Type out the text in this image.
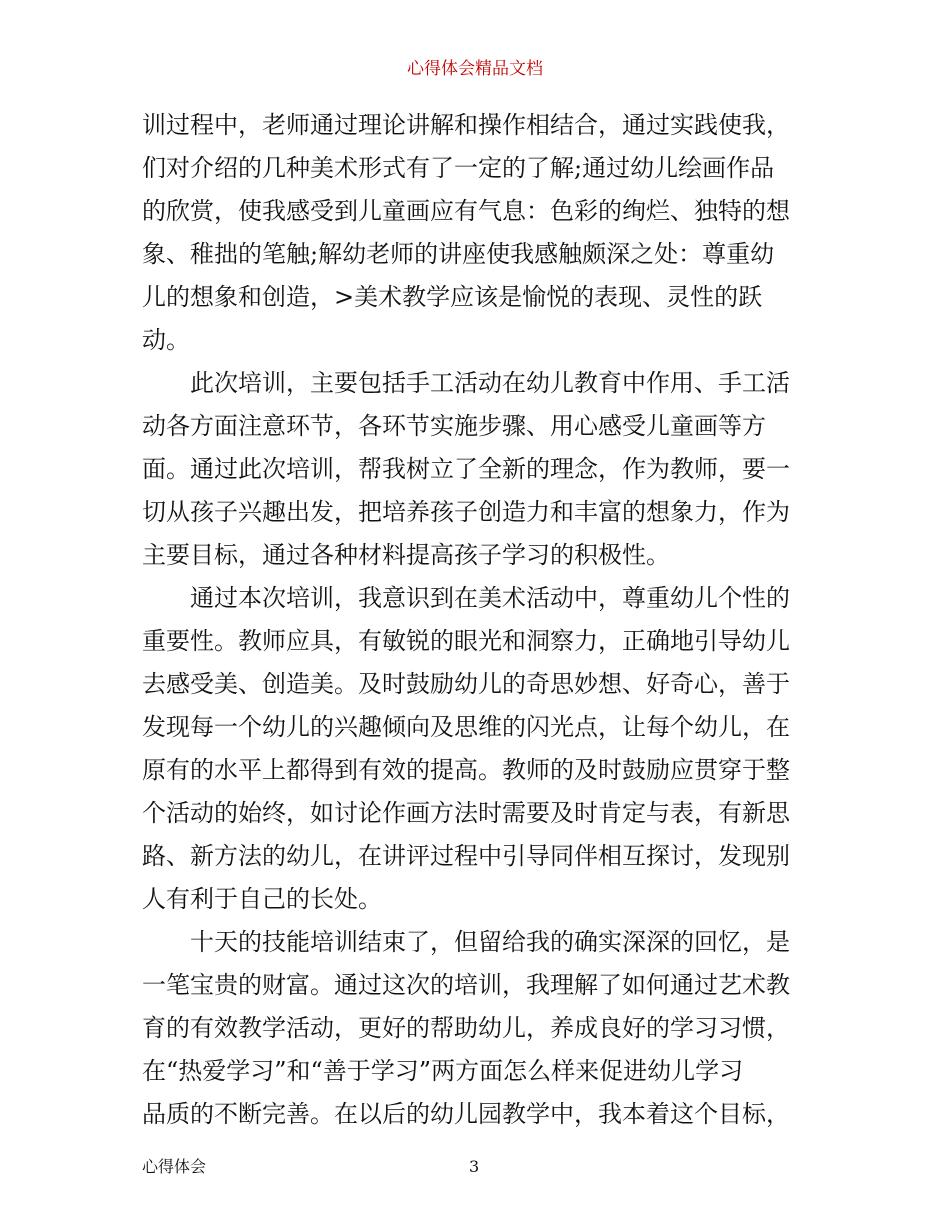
心得体会精品文档
训过程中，老师通过理论讲解和操作相结合，通过实践使我，
们对介绍的几种美术形式有了一定的了解;通过幼儿绘画作品
的欣赏，使我感受到儿童画应有气息：色彩的绚烂、独特的想
象、稚拙的笔触;解幼老师的讲座使我感触颇深之处：尊重幼
儿的想象和创造，>美术教学应该是愉悦的表现、灵性的跃
动。
此次培训，主要包括手工活动在幼儿教育中作用、手工活
动各方面注意环节，各环节实施步骤、用心感受儿童画等方
面。通过此次培训，帮我树立了全新的理念，作为教师，要一
切从孩子兴趣出发，把培养孩子创造力和丰富的想象力，作为
主要目标，通过各种材料提高孩子学习的积极性。
通过本次培训，我意识到在美术活动中，尊重幼儿个性的
重要性。教师应具，有敏锐的眼光和洞察力，正确地引导幼儿
去感受美、创造美。及时鼓励幼儿的奇思妙想、好奇心，善于
发现每一个幼儿的兴趣倾向及思维的闪光点，让每个幼儿，在
原有的水平上都得到有效的提高。教师的及时鼓励应贯穿于整
个活动的始终，如讨论作画方法时需要及时肯定与表，有新思
路、新方法的幼儿，在讲评过程中引导同伴相互探讨，发现别
人有利于自己的长处。
十天的技能培训结束了，但留给我的确实深深的回忆，是
一笔宝贵的财富。通过这次的培训，我理解了如何通过艺术教
育的有效教学活动，更好的帮助幼儿，养成良好的学习习惯，
在“热爱学习”和“善于学习”两方面怎么样来促进幼儿学习
品质的不断完善。在以后的幼儿园教学中，我本着这个目标，
心得体会	3
